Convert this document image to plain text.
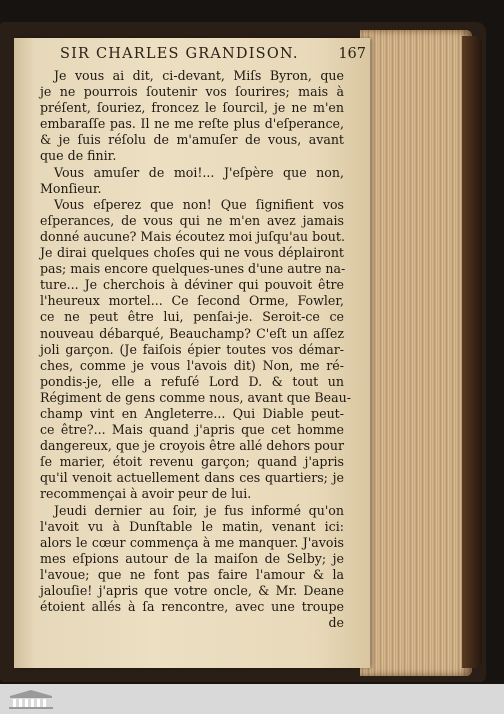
SIR CHARLES GRANDISON.	167
Je vous ai dit, ci-devant, Miſs Byron, que
je ne pourrois ſoutenir vos ſourires; mais à
préſent, ſouriez, froncez le ſourcil, je ne m'en
embaraſſe pas. Il ne me reſte plus d'eſperance,
& je ſuis réſolu de m'amuſer de vous, avant
que de finir.
Vous amuſer de moi!... J'eſpère que non,
Monſieur.
Vous eſperez que non! Que ſignifient vos
eſperances, de vous qui ne m'en avez jamais
donné aucune? Mais écoutez moi juſqu'au bout.
Je dirai quelques choſes qui ne vous déplairont
pas; mais encore quelques-unes d'une autre na-
ture... Je cherchois à déviner qui pouvoit être
l'heureux mortel... Ce ſecond Orme, Fowler,
ce ne peut être lui, penſai-je. Seroit-ce ce
nouveau débarqué, Beauchamp? C'eſt un aſſez
joli garçon. (Je faiſois épier toutes vos démar-
ches, comme je vous l'avois dit) Non, me ré-
pondis-je, elle a refuſé Lord D. & tout un
Régiment de gens comme nous, avant que Beau-
champ vint en Angleterre... Qui Diable peut-
ce être?... Mais quand j'apris que cet homme
dangereux, que je croyois être allé dehors pour
ſe marier, étoit revenu garçon; quand j'apris
qu'il venoit actuellement dans ces quartiers; je
recommençai à avoir peur de lui.
Jeudi dernier au ſoir, je fus informé qu'on
l'avoit vu à Dunſtable le matin, venant ici:
alors le cœur commença à me manquer. J'avois
mes eſpions autour de la maiſon de Selby; je
l'avoue; que ne font pas faire l'amour & la
jalouſie! j'apris que votre oncle, & Mr. Deane
étoient allés à ſa rencontre, avec une troupe
de
